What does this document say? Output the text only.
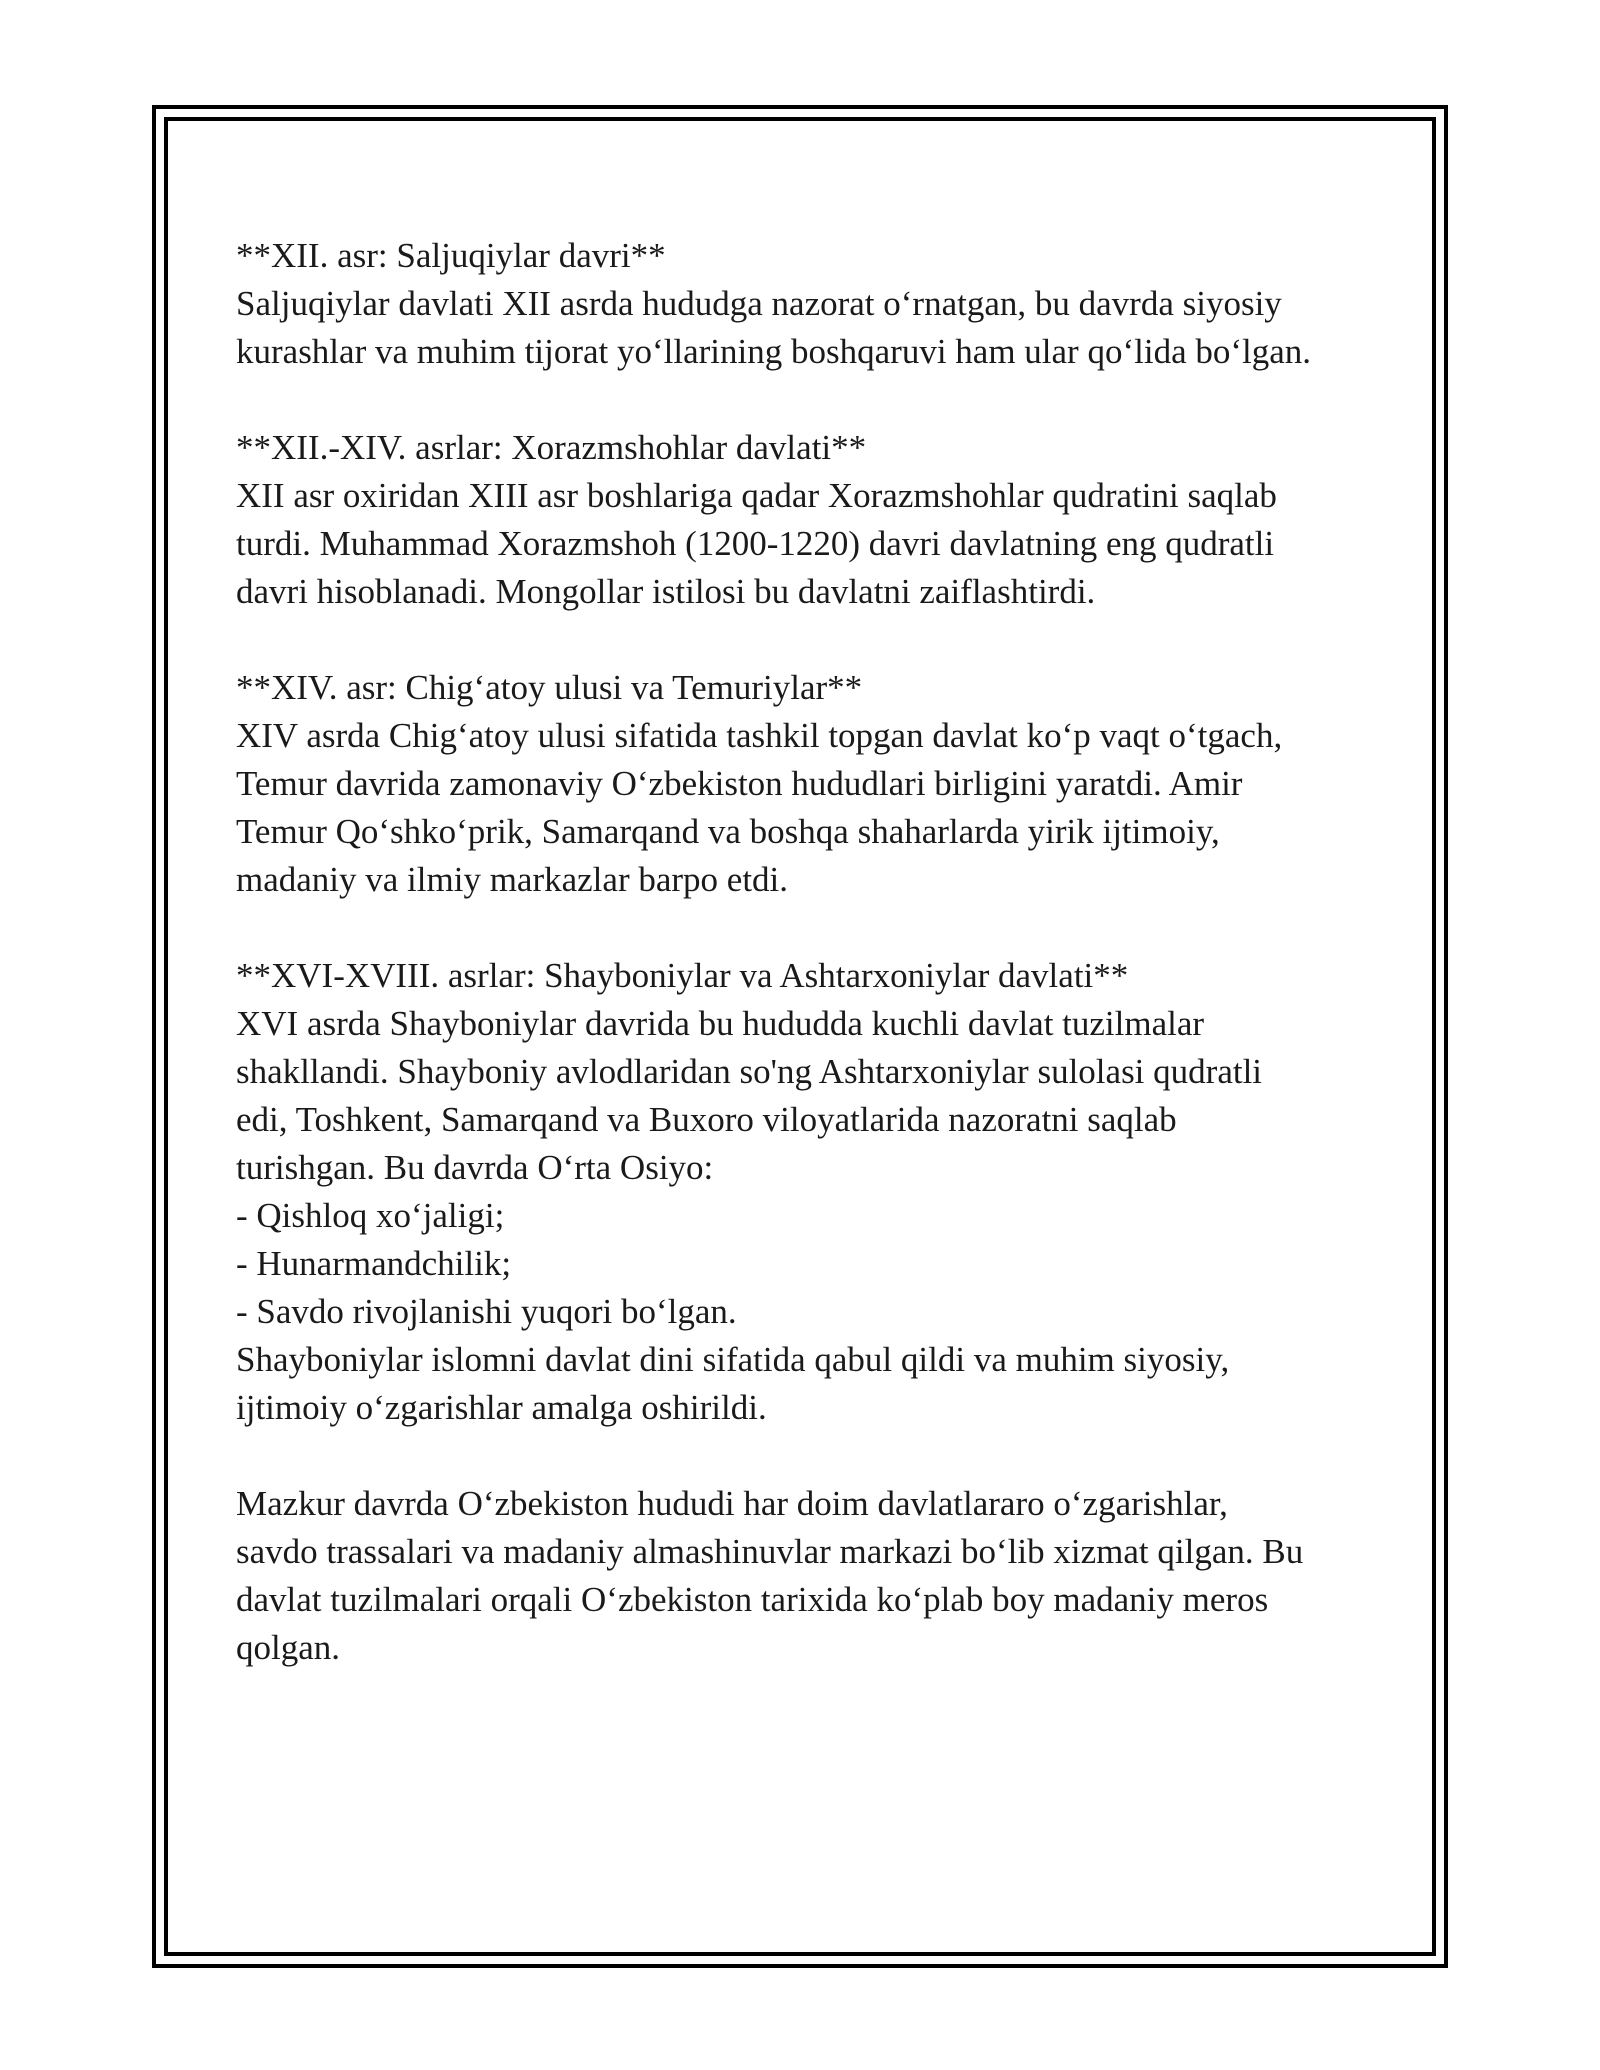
**XII. asr: Saljuqiylar davri**
Saljuqiylar davlati XII asrda hududga nazorat o‘rnatgan, bu davrda siyosiy
kurashlar va muhim tijorat yo‘llarining boshqaruvi ham ular qo‘lida bo‘lgan.
**XII.-XIV. asrlar: Xorazmshohlar davlati**
XII asr oxiridan XIII asr boshlariga qadar Xorazmshohlar qudratini saqlab
turdi. Muhammad Xorazmshoh (1200-1220) davri davlatning eng qudratli
davri hisoblanadi. Mongollar istilosi bu davlatni zaiflashtirdi.
**XIV. asr: Chig‘atoy ulusi va Temuriylar**
XIV asrda Chig‘atoy ulusi sifatida tashkil topgan davlat ko‘p vaqt o‘tgach,
Temur davrida zamonaviy O‘zbekiston hududlari birligini yaratdi. Amir
Temur Qo‘shko‘prik, Samarqand va boshqa shaharlarda yirik ijtimoiy,
madaniy va ilmiy markazlar barpo etdi.
**XVI-XVIII. asrlar: Shayboniylar va Ashtarxoniylar davlati**
XVI asrda Shayboniylar davrida bu hududda kuchli davlat tuzilmalar
shakllandi. Shayboniy avlodlaridan so'ng Ashtarxoniylar sulolasi qudratli
edi, Toshkent, Samarqand va Buxoro viloyatlarida nazoratni saqlab
turishgan. Bu davrda O‘rta Osiyo:
- Qishloq xo‘jaligi;
- Hunarmandchilik;
- Savdo rivojlanishi yuqori bo‘lgan.
Shayboniylar islomni davlat dini sifatida qabul qildi va muhim siyosiy,
ijtimoiy o‘zgarishlar amalga oshirildi.
Mazkur davrda O‘zbekiston hududi har doim davlatlararo o‘zgarishlar,
savdo trassalari va madaniy almashinuvlar markazi bo‘lib xizmat qilgan. Bu
davlat tuzilmalari orqali O‘zbekiston tarixida ko‘plab boy madaniy meros
qolgan.
